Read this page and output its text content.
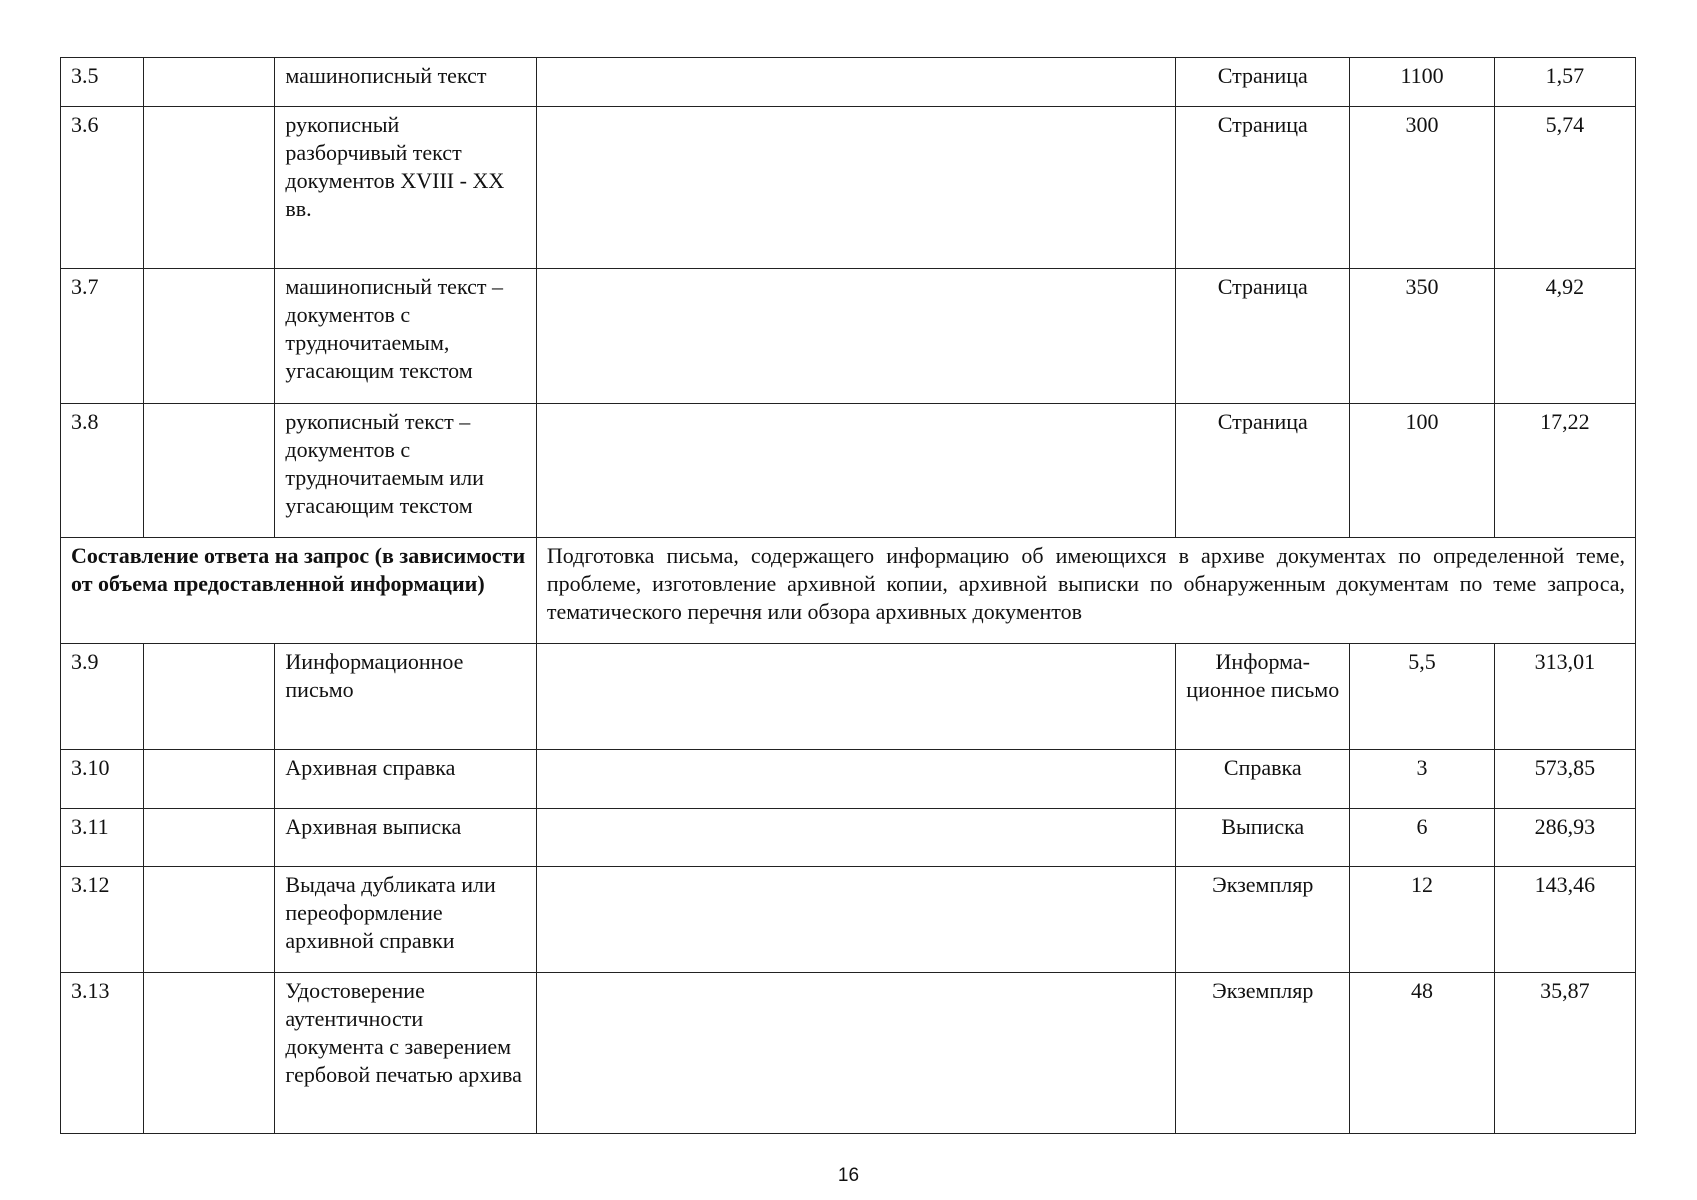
3.5		машинописный текст		Страница	1100	1,57
3.6		рукописный разборчивый текст документов XVIII - XX вв.		Страница	300	5,74
3.7		машинописный текст – документов с трудночитаемым, угасающим текстом		Страница	350	4,92
3.8		рукописный текст – документов с трудночитаемым или угасающим текстом		Страница	100	17,22
Составление ответа на запрос (в зависимости от объема предоставленной информации)			Подготовка письма, содержащего информацию об имеющихся в архиве документах по определенной теме, проблеме, изготовление архивной копии, архивной выписки по обнаруженным документам по теме запроса, тематического перечня или обзора архивных документов			
3.9		Иинформационное письмо		Информа-ционное письмо	5,5	313,01
3.10		Архивная справка		Справка	3	573,85
3.11		Архивная выписка		Выписка	6	286,93
3.12		Выдача дубликата или переоформление архивной справки		Экземпляр	12	143,46
3.13		Удостоверение аутентичности документа с заверением гербовой печатью архива		Экземпляр	48	35,87
16
